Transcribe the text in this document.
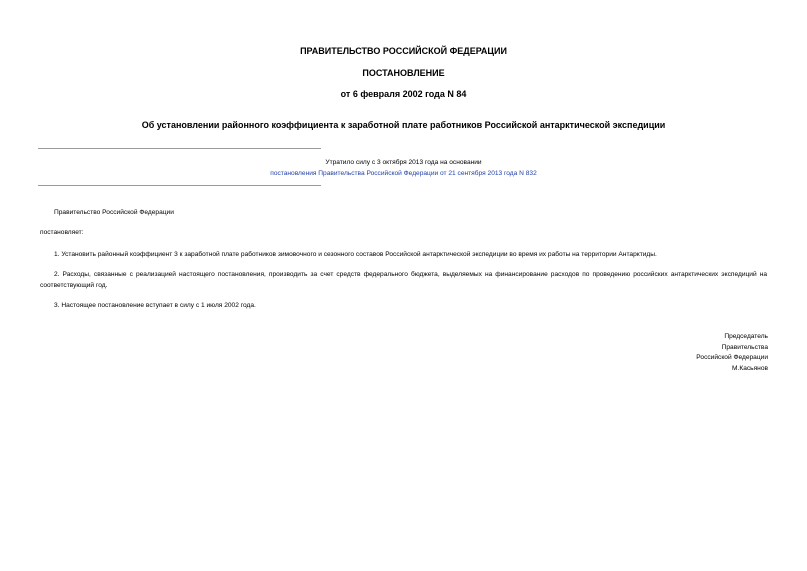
ПРАВИТЕЛЬСТВО РОССИЙСКОЙ ФЕДЕРАЦИИ
ПОСТАНОВЛЕНИЕ
от 6 февраля 2002 года N 84
Об установлении районного коэффициента к заработной плате работников Российской антарктической экспедиции
Утратило силу с 3 октября 2013 года на основании
постановления Правительства Российской Федерации от 21 сентября 2013 года N 832
Правительство Российской Федерации
постановляет:
1. Установить районный коэффициент 3 к заработной плате работников зимовочного и сезонного составов Российской антарктической экспедиции во время их работы на территории Антарктиды.
2. Расходы, связанные с реализацией настоящего постановления, производить за счет средств федерального бюджета, выделяемых на финансирование расходов по проведению российских антарктических экспедиций на соответствующий год.
3. Настоящее постановление вступает в силу с 1 июля 2002 года.
Председатель
Правительства
Российской Федерации
М.Касьянов
